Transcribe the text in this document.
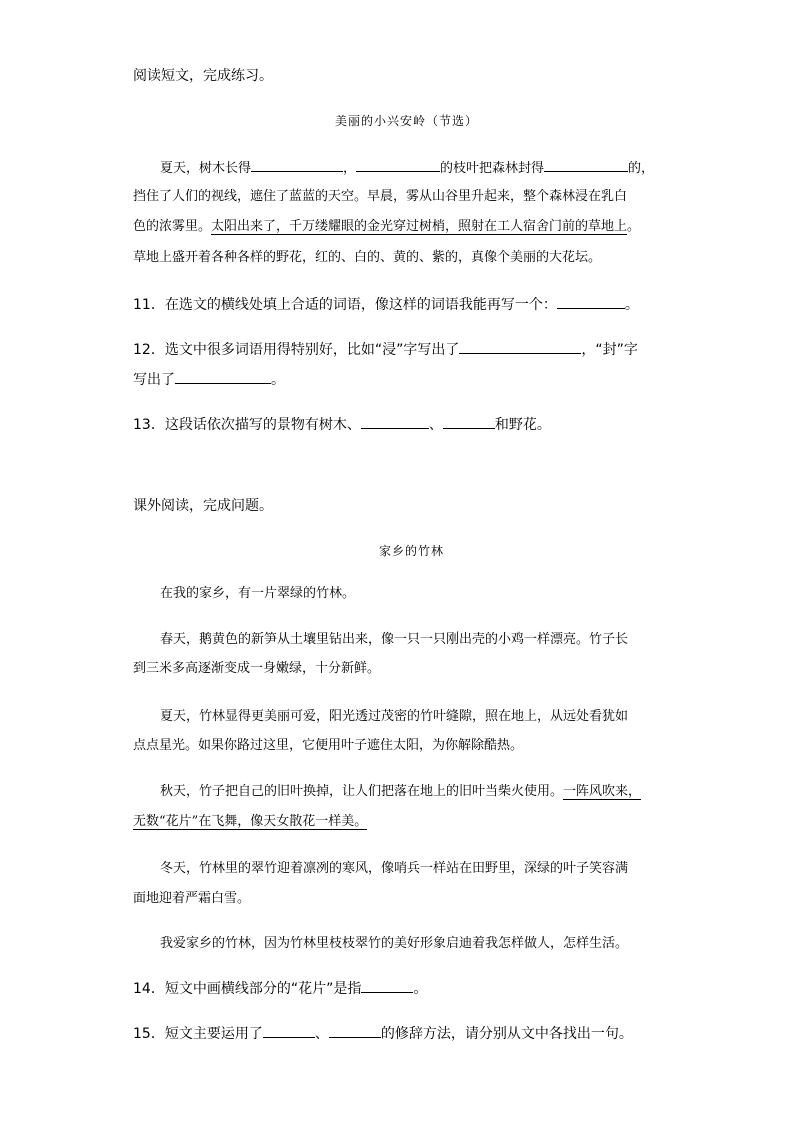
阅读短文，完成练习。
美丽的小兴安岭（节选）
夏天，树木长得	，	的枝叶把森林封得	的，
挡住了人们的视线，遮住了蓝蓝的天空。早晨，雾从山谷里升起来，整个森林浸在乳白
色的浓雾里。太阳出来了，千万缕耀眼的金光穿过树梢，照射在工人宿舍门前的草地上。
草地上盛开着各种各样的野花，红的、白的、黄的、紫的，真像个美丽的大花坛。
11．在选文的横线处填上合适的词语，像这样的词语我能再写一个：	。
12．选文中很多词语用得特别好，比如“浸”字写出了	，“封”字
写出了	。
13．这段话依次描写的景物有树木、	、	和野花。
课外阅读，完成问题。
家乡的竹林
在我的家乡，有一片翠绿的竹林。
春天，鹅黄色的新笋从土壤里钻出来，像一只一只刚出壳的小鸡一样漂亮。竹子长
到三米多高逐渐变成一身嫩绿，十分新鲜。
夏天，竹林显得更美丽可爱，阳光透过茂密的竹叶缝隙，照在地上，从远处看犹如
点点星光。如果你路过这里，它便用叶子遮住太阳，为你解除酷热。
秋天，竹子把自己的旧叶换掉，让人们把落在地上的旧叶当柴火使用。一阵风吹来，
无数“花片”在飞舞，像天女散花一样美。
冬天，竹林里的翠竹迎着凛冽的寒风，像哨兵一样站在田野里，深绿的叶子笑容满
面地迎着严霜白雪。
我爱家乡的竹林，因为竹林里枝枝翠竹的美好形象启迪着我怎样做人，怎样生活。
14．短文中画横线部分的“花片”是指	。
15．短文主要运用了	、	的修辞方法，请分别从文中各找出一句。
